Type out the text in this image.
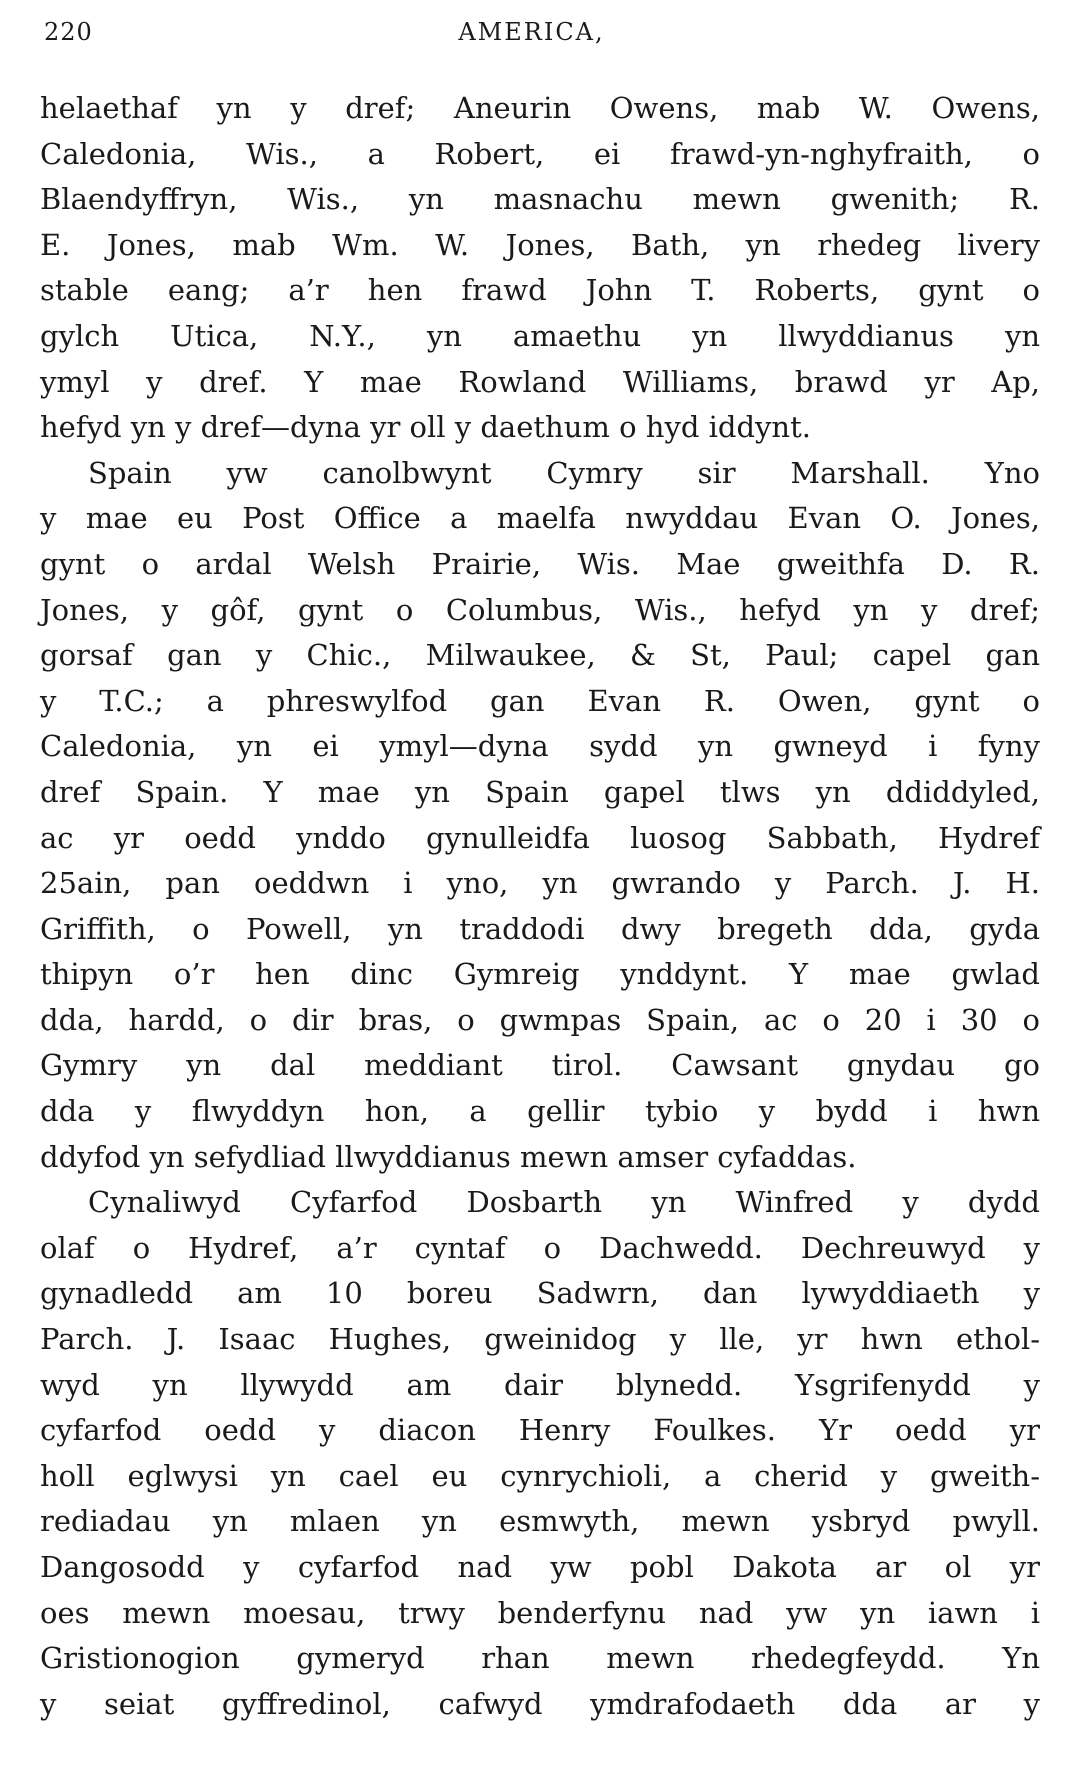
220	AMERICA,
helaethaf yn y dref; Aneurin Owens, mab W. Owens,
Caledonia, Wis., a Robert, ei frawd-yn-nghyfraith, o
Blaendyffryn, Wis., yn masnachu mewn gwenith; R.
E. Jones, mab Wm. W. Jones, Bath, yn rhedeg livery
stable eang; a’r hen frawd John T. Roberts, gynt o
gylch Utica, N.Y., yn amaethu yn llwyddianus yn
ymyl y dref. Y mae Rowland Williams, brawd yr Ap,
hefyd yn y dref—dyna yr oll y daethum o hyd iddynt.
Spain yw canolbwynt Cymry sir Marshall. Yno
y mae eu Post Office a maelfa nwyddau Evan O. Jones,
gynt o ardal Welsh Prairie, Wis. Mae gweithfa D. R.
Jones, y gôf, gynt o Columbus, Wis., hefyd yn y dref;
gorsaf gan y Chic., Milwaukee, & St, Paul; capel gan
y T.C.; a phreswylfod gan Evan R. Owen, gynt o
Caledonia, yn ei ymyl—dyna sydd yn gwneyd i fyny
dref Spain. Y mae yn Spain gapel tlws yn ddiddyled,
ac yr oedd ynddo gynulleidfa luosog Sabbath, Hydref
25ain, pan oeddwn i yno, yn gwrando y Parch. J. H.
Griffith, o Powell, yn traddodi dwy bregeth dda, gyda
thipyn o’r hen dinc Gymreig ynddynt. Y mae gwlad
dda, hardd, o dir bras, o gwmpas Spain, ac o 20 i 30 o
Gymry yn dal meddiant tirol. Cawsant gnydau go
dda y flwyddyn hon, a gellir tybio y bydd i hwn
ddyfod yn sefydliad llwyddianus mewn amser cyfaddas.
Cynaliwyd Cyfarfod Dosbarth yn Winfred y dydd
olaf o Hydref, a’r cyntaf o Dachwedd. Dechreuwyd y
gynadledd am 10 boreu Sadwrn, dan lywyddiaeth y
Parch. J. Isaac Hughes, gweinidog y lle, yr hwn ethol-
wyd yn llywydd am dair blynedd. Ysgrifenydd y
cyfarfod oedd y diacon Henry Foulkes. Yr oedd yr
holl eglwysi yn cael eu cynrychioli, a cherid y gweith-
rediadau yn mlaen yn esmwyth, mewn ysbryd pwyll.
Dangosodd y cyfarfod nad yw pobl Dakota ar ol yr
oes mewn moesau, trwy benderfynu nad yw yn iawn i
Gristionogion gymeryd rhan mewn rhedegfeydd. Yn
y seiat gyffredinol, cafwyd ymdrafodaeth dda ar y
